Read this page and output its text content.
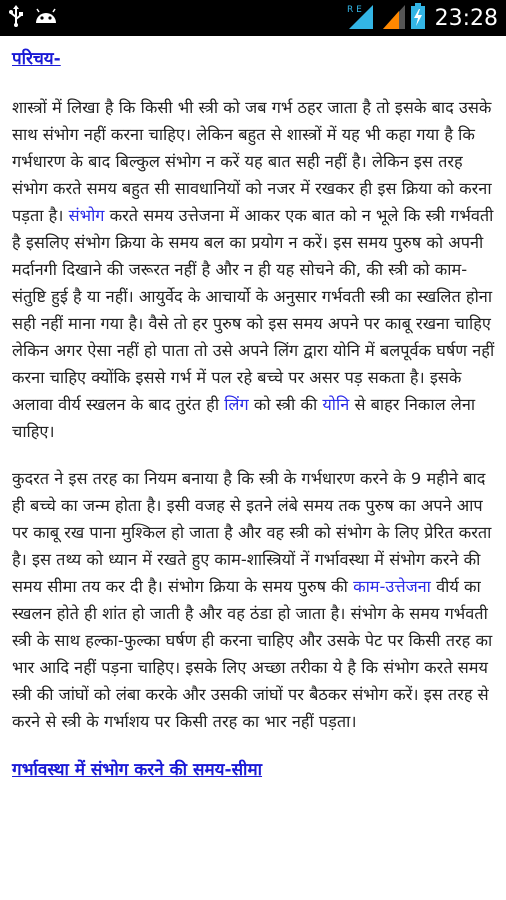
R E	23:28
परिचय-

शास्त्रों में लिखा है कि किसी भी स्त्री को जब गर्भ ठहर जाता है तो इसके बाद उसके साथ संभोग नहीं करना चाहिए। लेकिन बहुत से शास्त्रों में यह भी कहा गया है कि गर्भधारण के बाद बिल्कुल संभोग न करें यह बात सही नहीं है। लेकिन इस तरह संभोग करते समय बहुत सी सावधानियों को नजर में रखकर ही इस क्रिया को करना पड़ता है। संभोग करते समय उत्तेजना में आकर एक बात को न भूले कि स्त्री गर्भवती है इसलिए संभोग क्रिया के समय बल का प्रयोग न करें। इस समय पुरुष को अपनी मर्दानगी दिखाने की जरूरत नहीं है और न ही यह सोचने की, की स्त्री को काम-संतुष्टि हुई है या नहीं। आयुर्वेद के आचार्यो के अनुसार गर्भवती स्त्री का स्खलित होना सही नहीं माना गया है। वैसे तो हर पुरुष को इस समय अपने पर काबू रखना चाहिए लेकिन अगर ऐसा नहीं हो पाता तो उसे अपने लिंग द्वारा योनि में बलपूर्वक घर्षण नहीं करना चाहिए क्योंकि इससे गर्भ में पल रहे बच्चे पर असर पड़ सकता है। इसके अलावा वीर्य स्खलन के बाद तुरंत ही लिंग को स्त्री की योनि से बाहर निकाल लेना चाहिए।

कुदरत ने इस तरह का नियम बनाया है कि स्त्री के गर्भधारण करने के 9 महीने बाद ही बच्चे का जन्म होता है। इसी वजह से इतने लंबे समय तक पुरुष का अपने आप पर काबू रख पाना मुश्किल हो जाता है और वह स्त्री को संभोग के लिए प्रेरित करता है। इस तथ्य को ध्यान में रखते हुए काम-शास्त्रियों नें गर्भावस्था में संभोग करने की समय सीमा तय कर दी है। संभोग क्रिया के समय पुरुष की काम-उत्तेजना वीर्य का स्खलन होते ही शांत हो जाती है और वह ठंडा हो जाता है। संभोग के समय गर्भवती स्त्री के साथ हल्का-फुल्का घर्षण ही करना चाहिए और उसके पेट पर किसी तरह का भार आदि नहीं पड़ना चाहिए। इसके लिए अच्छा तरीका ये है कि संभोग करते समय स्त्री की जांघों को लंबा करके और उसकी जांघों पर बैठकर संभोग करें। इस तरह से करने से स्त्री के गर्भाशय पर किसी तरह का भार नहीं पड़ता।

गर्भावस्था में संभोग करने की समय-सीमा
